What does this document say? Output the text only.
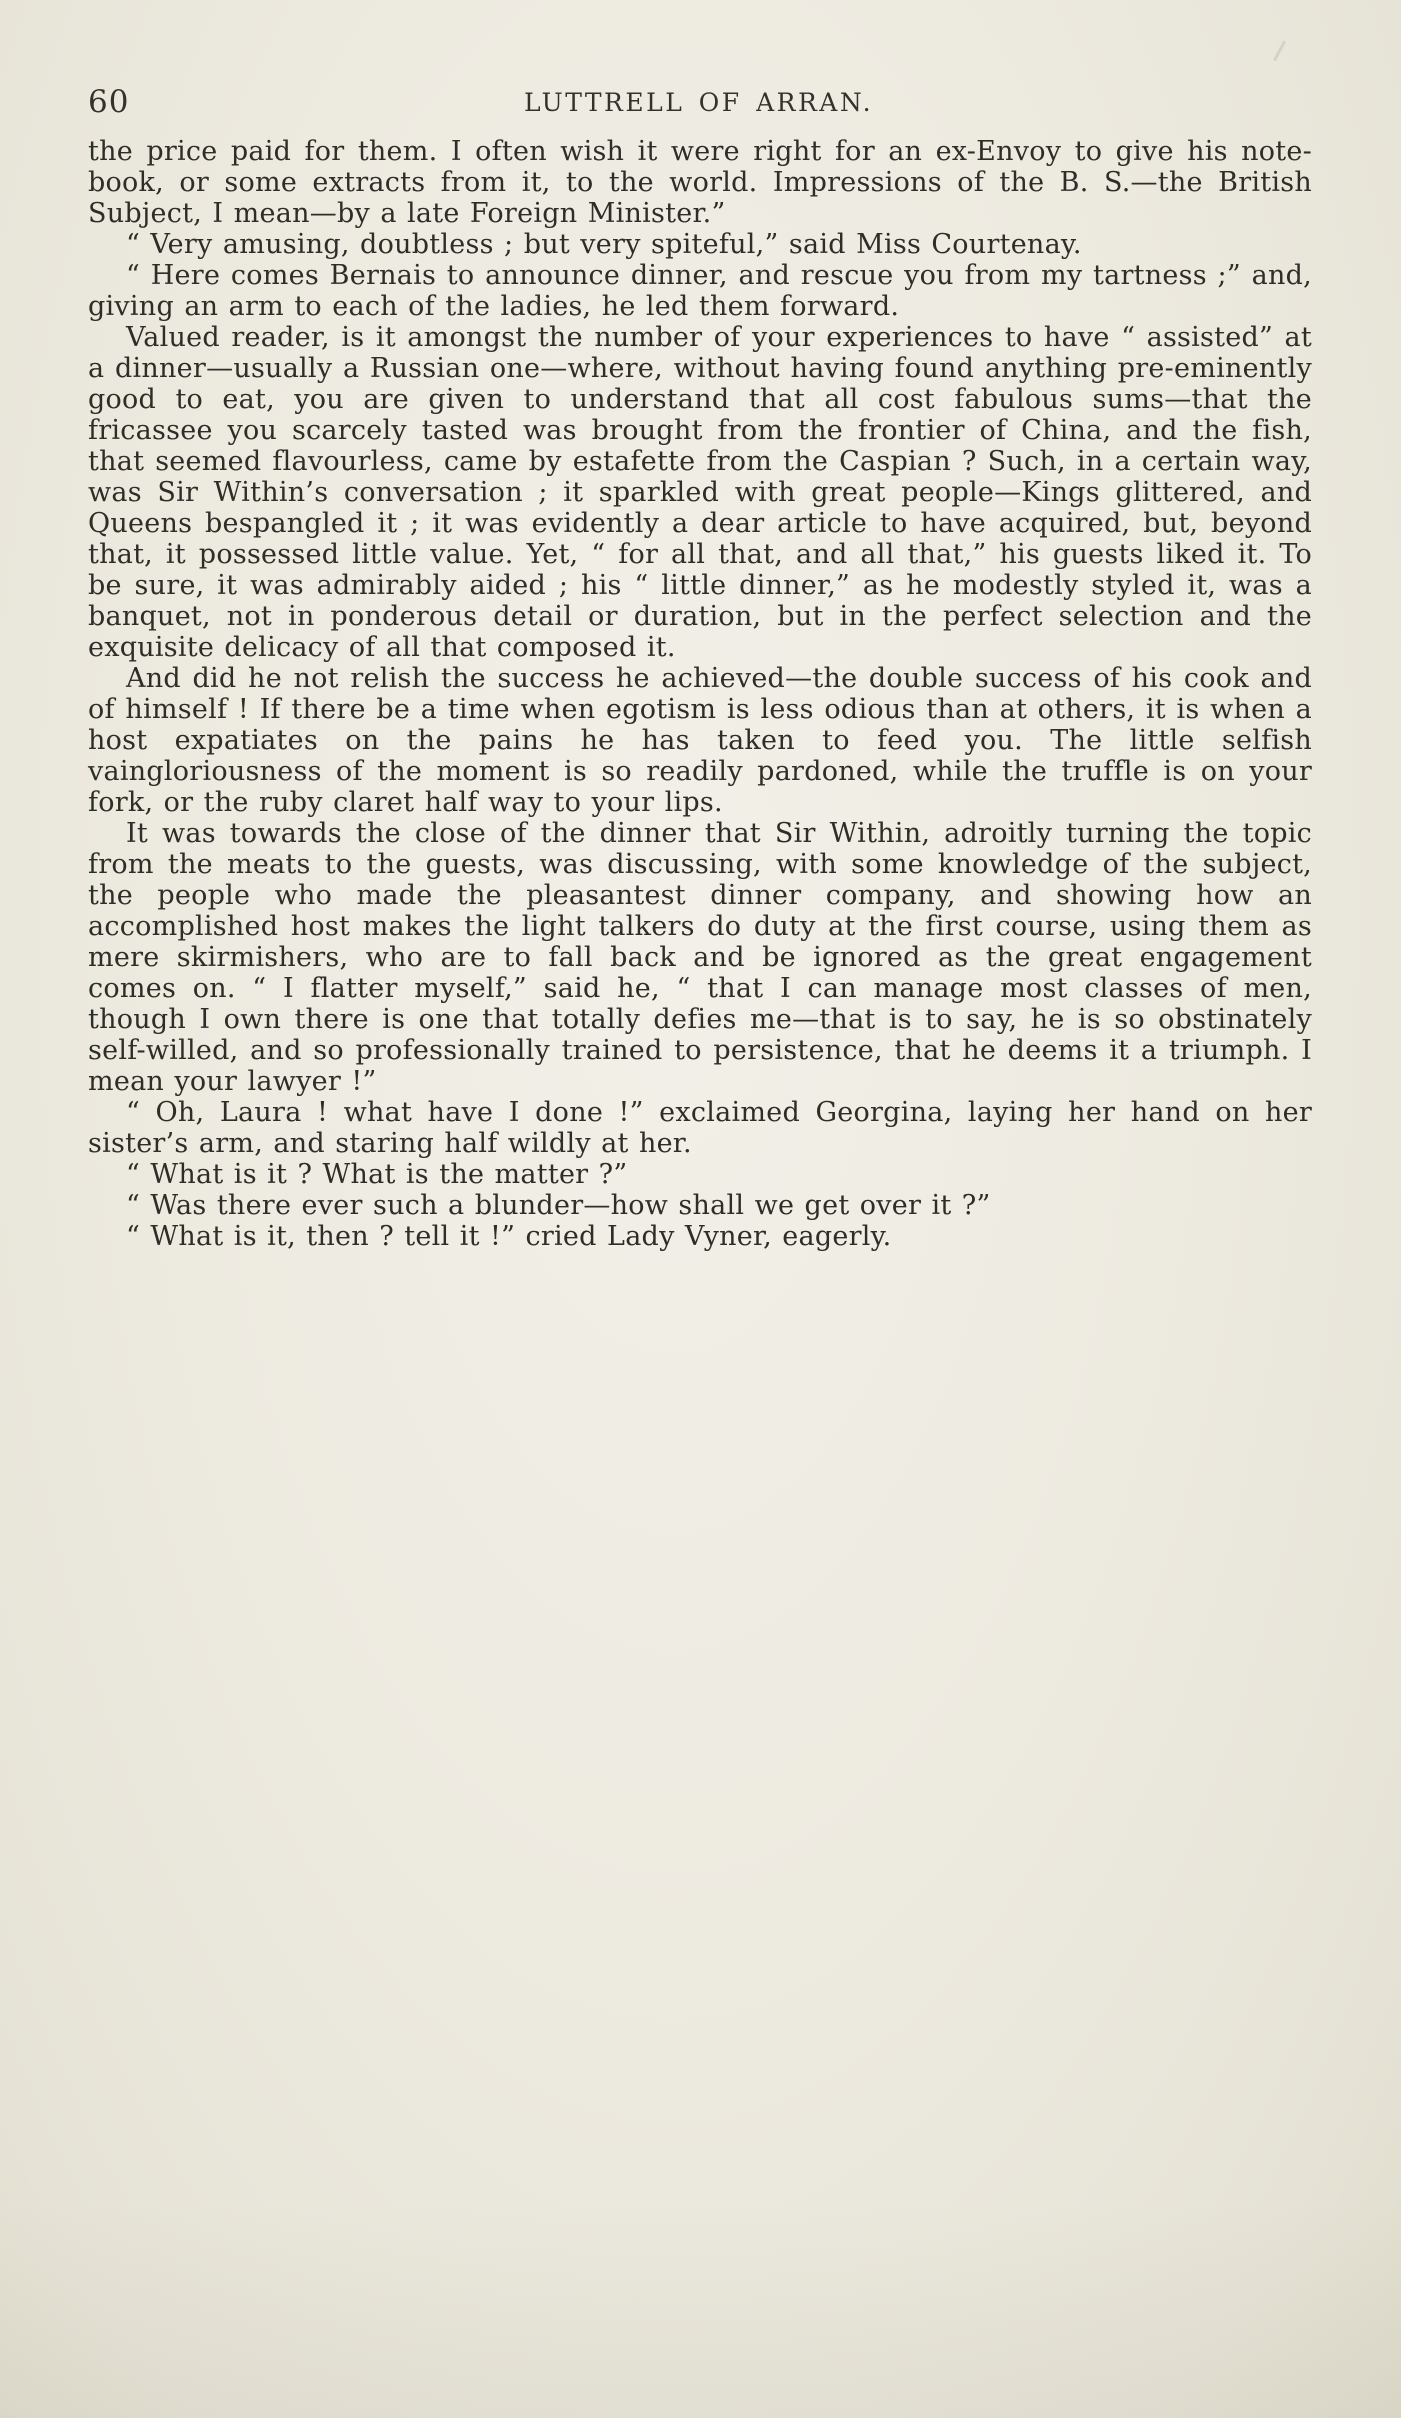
60	LUTTRELL OF ARRAN.

the price paid for them. I often wish it were right for an ex-Envoy to give his note-book, or some extracts from it, to the world. Impressions of the B. S.—the British Subject, I mean—by a late Foreign Minister.”

“ Very amusing, doubtless ; but very spiteful,” said Miss Courtenay.

“ Here comes Bernais to announce dinner, and rescue you from my tartness ;” and, giving an arm to each of the ladies, he led them forward.

Valued reader, is it amongst the number of your experiences to have “ assisted” at a dinner—usually a Russian one—where, without having found anything pre-eminently good to eat, you are given to understand that all cost fabulous sums—that the fricassee you scarcely tasted was brought from the frontier of China, and the fish, that seemed flavourless, came by estafette from the Caspian ? Such, in a certain way, was Sir Within’s conversation ; it sparkled with great people—Kings glittered, and Queens bespangled it ; it was evidently a dear article to have acquired, but, beyond that, it possessed little value. Yet, “ for all that, and all that,” his guests liked it. To be sure, it was admirably aided ; his “ little dinner,” as he modestly styled it, was a banquet, not in ponderous detail or duration, but in the perfect selection and the exquisite delicacy of all that composed it.

And did he not relish the success he achieved—the double success of his cook and of himself ! If there be a time when egotism is less odious than at others, it is when a host expatiates on the pains he has taken to feed you. The little selfish vaingloriousness of the moment is so readily pardoned, while the truffle is on your fork, or the ruby claret half way to your lips.

It was towards the close of the dinner that Sir Within, adroitly turning the topic from the meats to the guests, was discussing, with some knowledge of the subject, the people who made the pleasantest dinner company, and showing how an accomplished host makes the light talkers do duty at the first course, using them as mere skirmishers, who are to fall back and be ignored as the great engagement comes on. “ I flatter myself,” said he, “ that I can manage most classes of men, though I own there is one that totally defies me—that is to say, he is so obstinately self-willed, and so professionally trained to persistence, that he deems it a triumph. I mean your lawyer !”

“ Oh, Laura ! what have I done !” exclaimed Georgina, laying her hand on her sister’s arm, and staring half wildly at her.

“ What is it ? What is the matter ?”

“ Was there ever such a blunder—how shall we get over it ?”

“ What is it, then ? tell it !” cried Lady Vyner, eagerly.
